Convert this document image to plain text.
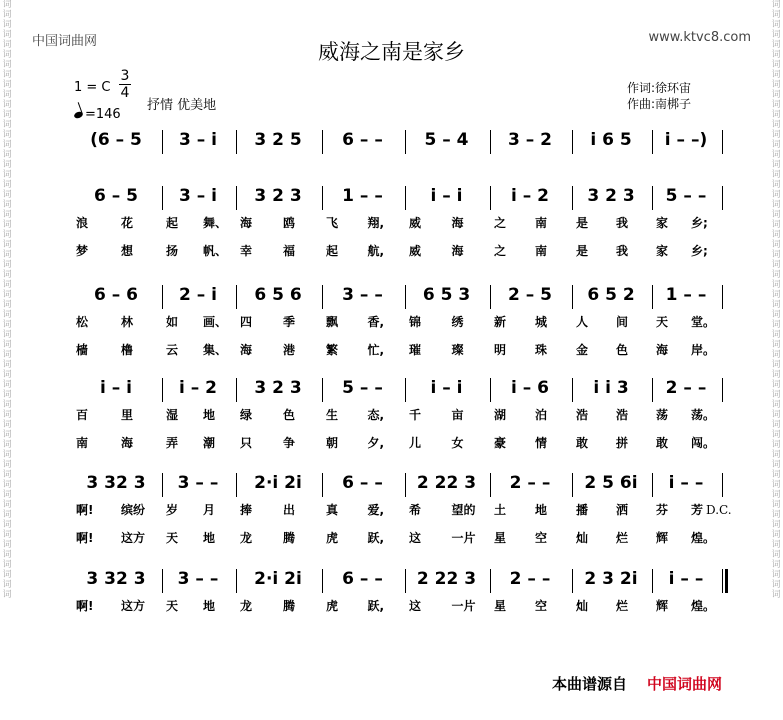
词
词
词
词
词
词
词
词
词
词
词
词
词
词
词
词
词
词
词
词
词
词
词
词
词
词
词
词
词
词
词
词
词
词
词
词
词
词
词
词
词
词
词
词
词
词
词
词
词
词
词
词
词
词
词
词
词
词
词
词
词
词
词
词
词
词
词
词
词
词
词
词
词
词
词
词
词
词
词
词
词
词
词
词
词
词
词
词
词
词
词
词
词
词
词
词
词
词
词
词
词
词
词
词
词
词
词
词
词
词
词
词
词
词
词
词
词
词
词
词
中国词曲网	www.ktvc8.com
威海之南是家乡
1 = C
3
4
抒情 优美地
=146
作词:徐环宙
作曲:南梆子
(6 – 5	3 – i	3 2 5	6 – –	5 – 4	3 – 2	i 6 5	i – –)
6 – 5	3 – i	3 2 3	1 – –	i – i	i – 2	3 2 3	5 – –
浪	花	起 舞、 海	鸥	飞 翔, 威	海	之 南 是 我 家 乡;
梦	想	扬 帆、 幸	福	起 航, 威	海	之 南 是 我 家 乡;
6 – 6	2 – i	6 5 6	3 – –	6 5 3	2 – 5	6 5 2	1 – –
松	林	如 画、 四	季	飘 香, 锦	绣	新 城 人 间 天 堂。
樯	橹	云 集、 海	港	繁 忙, 璀	璨	明 珠 金 色 海 岸。
i – i	i – 2	3 2 3	5 – –	i – i	i – 6	i i 3	2 – –
百	里	湿 地 绿	色	生 态, 千	亩	湖 泊 浩 浩 荡 荡。
南	海	弄 潮 只	争	朝 夕, 儿	女	豪 情 敢 拼 敢 闯。
3 32 3	3 – –	2·i 2i	6 – –	2 22 3	2 – –	2 5 6i	i – –
啊! 缤纷 岁 月 捧	出	真 爱, 希	望的 土 地 播 洒 芬 芳
啊! 这方 天 地 龙	腾	虎 跃, 这	一片 星 空 灿 烂 辉 煌。
D.C.
3 32 3	3 – –	2·i 2i	6 – –	2 22 3	2 – –	2 3 2i	i – –
啊! 这方 天 地 龙	腾	虎 跃, 这	一片 星 空 灿 烂 辉 煌。
本曲谱源自 中国词曲网
